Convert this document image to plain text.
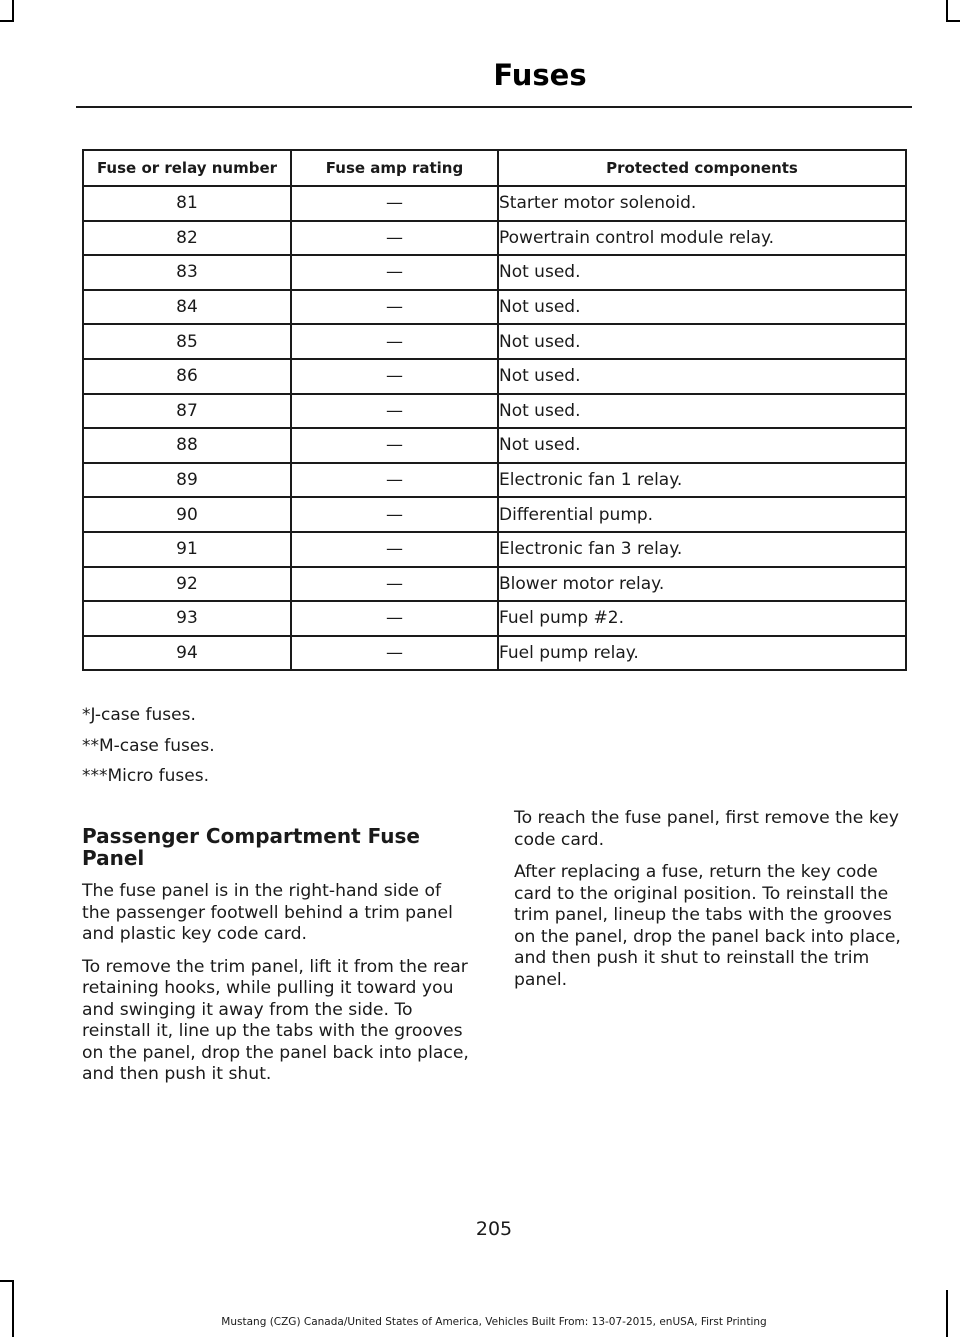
Fuses
Fuse or relay number	Fuse amp rating	Protected components
81	—	Starter motor solenoid.
82	—	Powertrain control module relay.
83	—	Not used.
84	—	Not used.
85	—	Not used.
86	—	Not used.
87	—	Not used.
88	—	Not used.
89	—	Electronic fan 1 relay.
90	—	Differential pump.
91	—	Electronic fan 3 relay.
92	—	Blower motor relay.
93	—	Fuel pump #2.
94	—	Fuel pump relay.
*J-case fuses.
**M-case fuses.
***Micro fuses.
Passenger Compartment Fuse Panel

The fuse panel is in the right-hand side of the passenger footwell behind a trim panel and plastic key code card.

To remove the trim panel, lift it from the rear retaining hooks, while pulling it toward you and swinging it away from the side. To reinstall it, line up the tabs with the grooves on the panel, drop the panel back into place, and then push it shut.

To reach the fuse panel, first remove the key code card.

After replacing a fuse, return the key code card to the original position. To reinstall the trim panel, lineup the tabs with the grooves on the panel, drop the panel back into place, and then push it shut to reinstall the trim panel.

205
Mustang (CZG) Canada/United States of America, Vehicles Built From: 13-07-2015, enUSA, First Printing
